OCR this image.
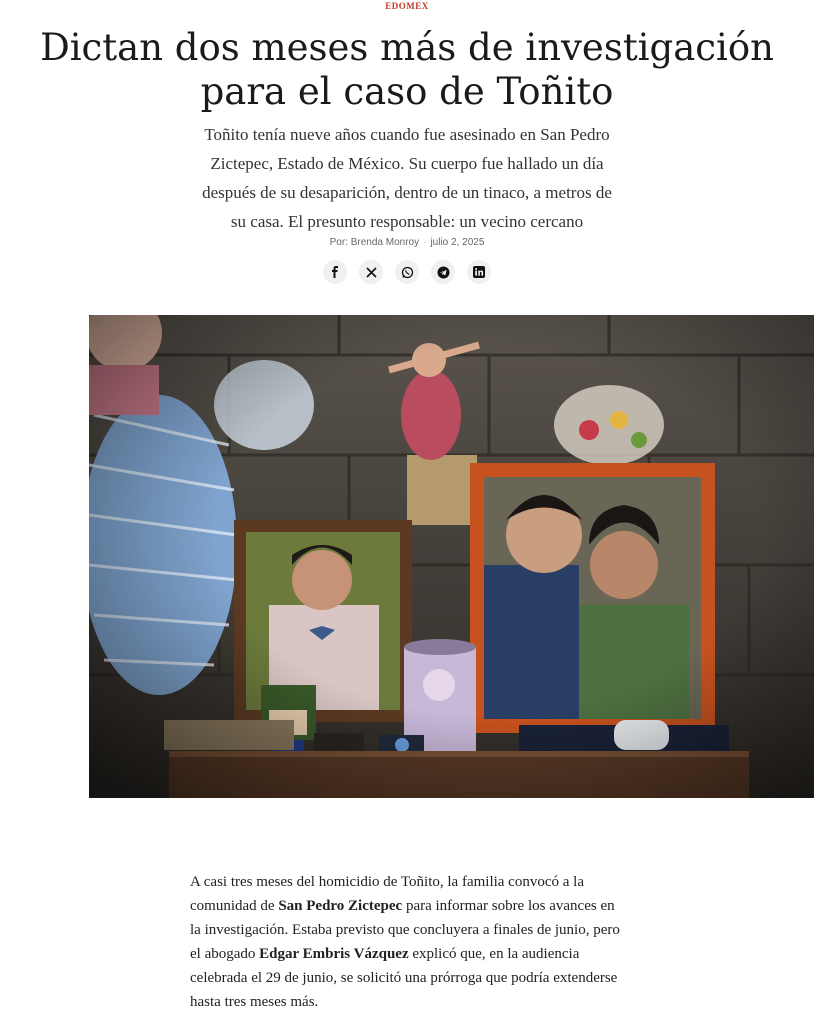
EDOMEX
Dictan dos meses más de investigación
para el caso de Toñito
Toñito tenía nueve años cuando fue asesinado en San Pedro Zictepec, Estado de México. Su cuerpo fue hallado un día después de su desaparición, dentro de un tinaco, a metros de su casa. El presunto responsable: un vecino cercano
Por: Brenda Monroy · julio 2, 2025
A casi tres meses del homicidio de Toñito, la familia convocó a la comunidad de San Pedro Zictepec para informar sobre los avances en la investigación. Estaba previsto que concluyera a finales de junio, pero el abogado Edgar Embris Vázquez explicó que, en la audiencia celebrada el 29 de junio, se solicitó una prórroga que podría extenderse hasta tres meses más.
